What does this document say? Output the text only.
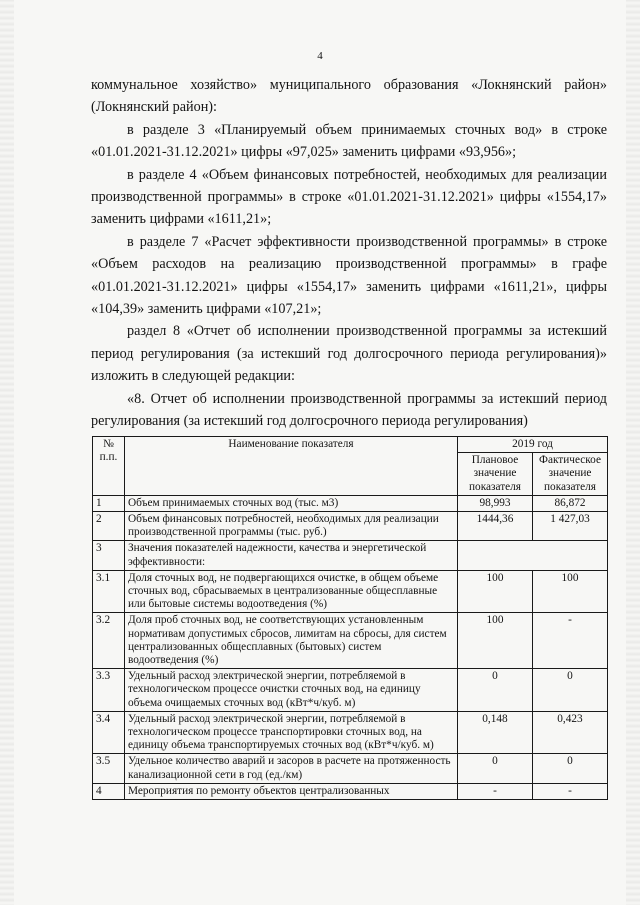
4

коммунальное хозяйство» муниципального образования «Локнянский район» (Локнянский район):

в разделе 3 «Планируемый объем принимаемых сточных вод» в строке «01.01.2021-31.12.2021» цифры «97,025» заменить цифрами «93,956»;

в разделе 4 «Объем финансовых потребностей, необходимых для реализации производственной программы» в строке «01.01.2021-31.12.2021» цифры «1554,17» заменить цифрами «1611,21»;

в разделе 7 «Расчет эффективности производственной программы» в строке «Объем расходов на реализацию производственной программы» в графе «01.01.2021-31.12.2021» цифры «1554,17» заменить цифрами «1611,21», цифры «104,39» заменить цифрами «107,21»;

раздел 8 «Отчет об исполнении производственной программы за истекший период регулирования (за истекший год долгосрочного периода регулирования)» изложить в следующей редакции:

«8. Отчет об исполнении производственной программы за истекший период регулирования (за истекший год долгосрочного периода регулирования)

№ п.п.	Наименование показателя	2019 год	
		Плановое значение показателя	Фактическое значение показателя
1	Объем принимаемых сточных вод (тыс. м3)	98,993	86,872
2	Объем финансовых потребностей, необходимых для реализации производственной программы (тыс. руб.)	1444,36	1 427,03
3	Значения показателей надежности, качества и энергетической эффективности:		
3.1	Доля сточных вод, не подвергающихся очистке, в общем объеме сточных вод, сбрасываемых в централизованные общесплавные или бытовые системы водоотведения (%)	100	100
3.2	Доля проб сточных вод, не соответствующих установленным нормативам допустимых сбросов, лимитам на сбросы, для систем централизованных общесплавных (бытовых) систем водоотведения (%)	100	-
3.3	Удельный расход электрической энергии, потребляемой в технологическом процессе очистки сточных вод, на единицу объема очищаемых сточных вод (кВт*ч/куб. м)	0	0
3.4	Удельный расход электрической энергии, потребляемой в технологическом процессе транспортировки сточных вод, на единицу объема транспортируемых сточных вод (кВт*ч/куб. м)	0,148	0,423
3.5	Удельное количество аварий и засоров в расчете на протяженность канализационной сети в год (ед./км)	0	0
4	Мероприятия по ремонту объектов централизованных	-	-
